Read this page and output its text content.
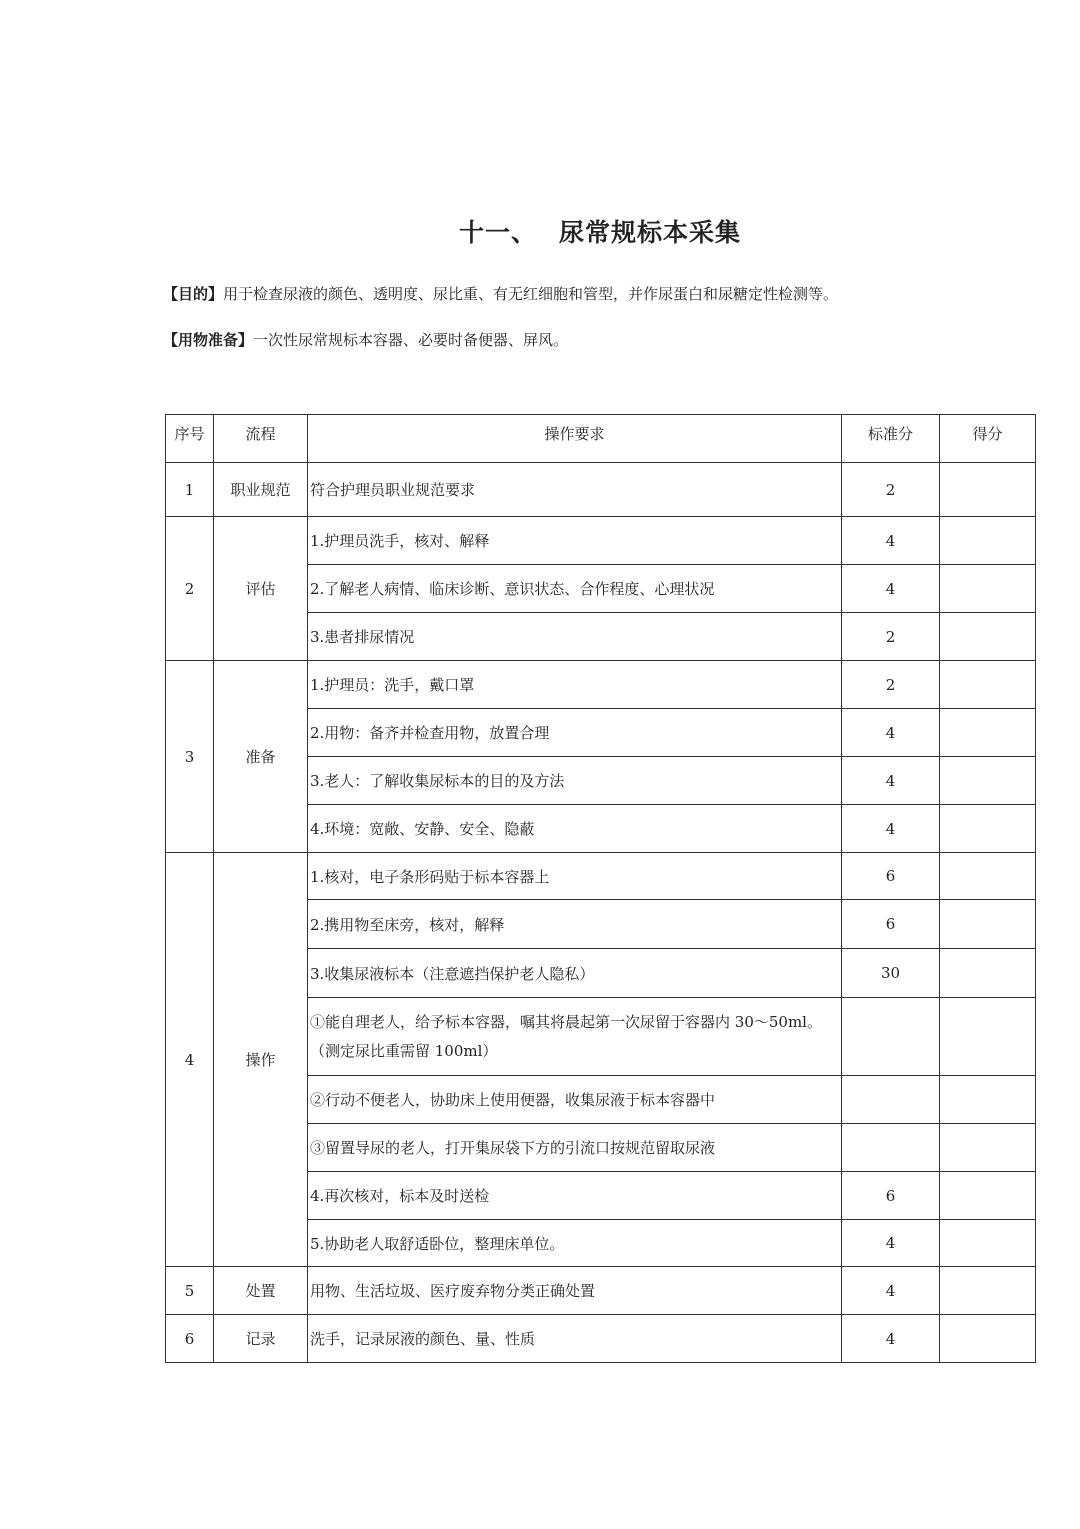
十一、 尿常规标本采集
【目的】用于检查尿液的颜色、透明度、尿比重、有无红细胞和管型，并作尿蛋白和尿糖定性检测等。
【用物准备】一次性尿常规标本容器、必要时备便器、屏风。
序号	流程	操作要求	标准分	得分
1	职业规范	符合护理员职业规范要求	2	
2	评估	1.护理员洗手，核对、解释	4	
		2.了解老人病情、临床诊断、意识状态、合作程度、心理状况	4	
		3.患者排尿情况	2	
3	准备	1.护理员：洗手，戴口罩	2	
		2.用物：备齐并检查用物，放置合理	4	
		3.老人：了解收集尿标本的目的及方法	4	
		4.环境：宽敞、安静、安全、隐蔽	4	
4	操作	1.核对，电子条形码贴于标本容器上	6	
		2.携用物至床旁，核对，解释	6	
		3.收集尿液标本（注意遮挡保护老人隐私）	30	

		①能自理老人，给予标本容器，嘱其将晨起第一次尿留于容器内 30～50ml。
（测定尿比重需留 100ml）		

		②行动不便老人，协助床上使用便器，收集尿液于标本容器中		
		③留置导尿的老人，打开集尿袋下方的引流口按规范留取尿液		
		4.再次核对，标本及时送检	6	
		5.协助老人取舒适卧位，整理床单位。	4	
5	处置	用物、生活垃圾、医疗废弃物分类正确处置	4	
6	记录	洗手，记录尿液的颜色、量、性质	4	
